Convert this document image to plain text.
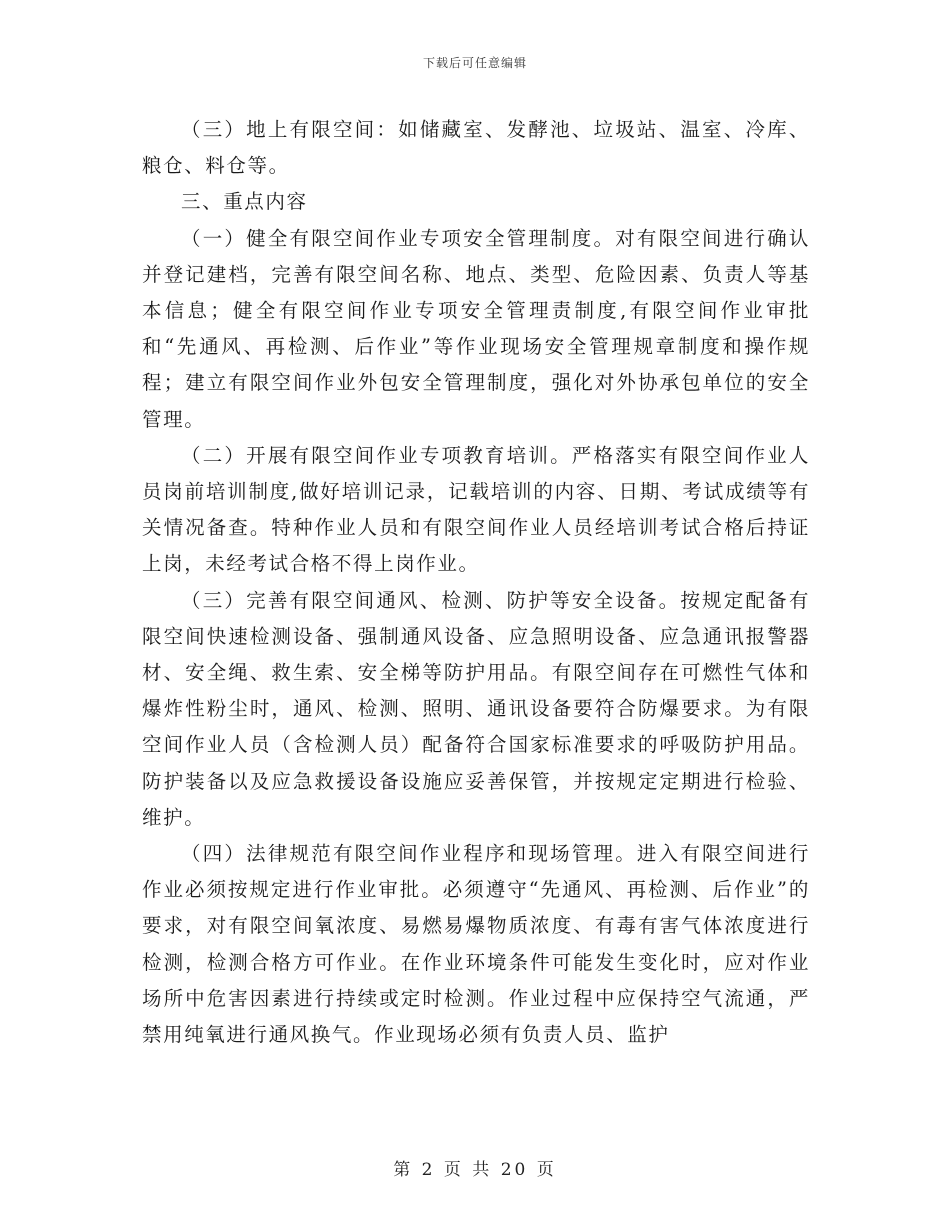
下载后可任意编辑

（三）地上有限空间：如储藏室、发酵池、垃圾站、温室、冷库、粮仓、料仓等。

三、重点内容

（一）健全有限空间作业专项安全管理制度。对有限空间进行确认并登记建档，完善有限空间名称、地点、类型、危险因素、负责人等基本信息；健全有限空间作业专项安全管理责制度,有限空间作业审批和“先通风、再检测、后作业”等作业现场安全管理规章制度和操作规程；建立有限空间作业外包安全管理制度，强化对外协承包单位的安全管理。

（二）开展有限空间作业专项教育培训。严格落实有限空间作业人员岗前培训制度,做好培训记录，记载培训的内容、日期、考试成绩等有关情况备查。特种作业人员和有限空间作业人员经培训考试合格后持证上岗，未经考试合格不得上岗作业。

（三）完善有限空间通风、检测、防护等安全设备。按规定配备有限空间快速检测设备、强制通风设备、应急照明设备、应急通讯报警器材、安全绳、救生索、安全梯等防护用品。有限空间存在可燃性气体和爆炸性粉尘时，通风、检测、照明、通讯设备要符合防爆要求。为有限空间作业人员（含检测人员）配备符合国家标准要求的呼吸防护用品。防护装备以及应急救援设备设施应妥善保管，并按规定定期进行检验、维护。

（四）法律规范有限空间作业程序和现场管理。进入有限空间进行作业必须按规定进行作业审批。必须遵守“先通风、再检测、后作业”的要求，对有限空间氧浓度、易燃易爆物质浓度、有毒有害气体浓度进行检测，检测合格方可作业。在作业环境条件可能发生变化时，应对作业场所中危害因素进行持续或定时检测。作业过程中应保持空气流通，严禁用纯氧进行通风换气。作业现场必须有负责人员、监护

第 2 页 共 20 页
